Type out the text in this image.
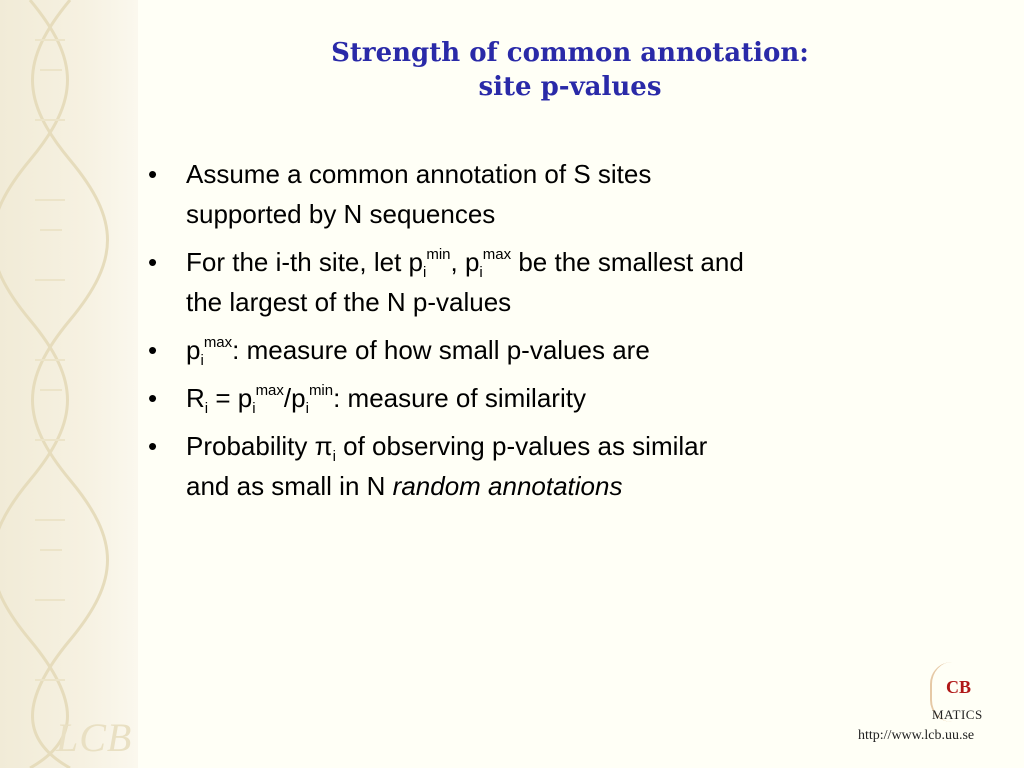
LCB
Strength of common annotation:
site p-values
• Assume a common annotation of S sites
supported by N sequences
• For the i-th site, let $p_i^{min}$, $p_i^{max}$ be the smallest and
the largest of the N p-values
• $p_i^{max}$: measure of how small p-values are
• $R_i = p_i^{max}/p_i^{min}$: measure of similarity
• Probability $\pi_i$ of observing p-values as similar
and as small in N random annotations
CB
MATICS
http://www.lcb.uu.se
